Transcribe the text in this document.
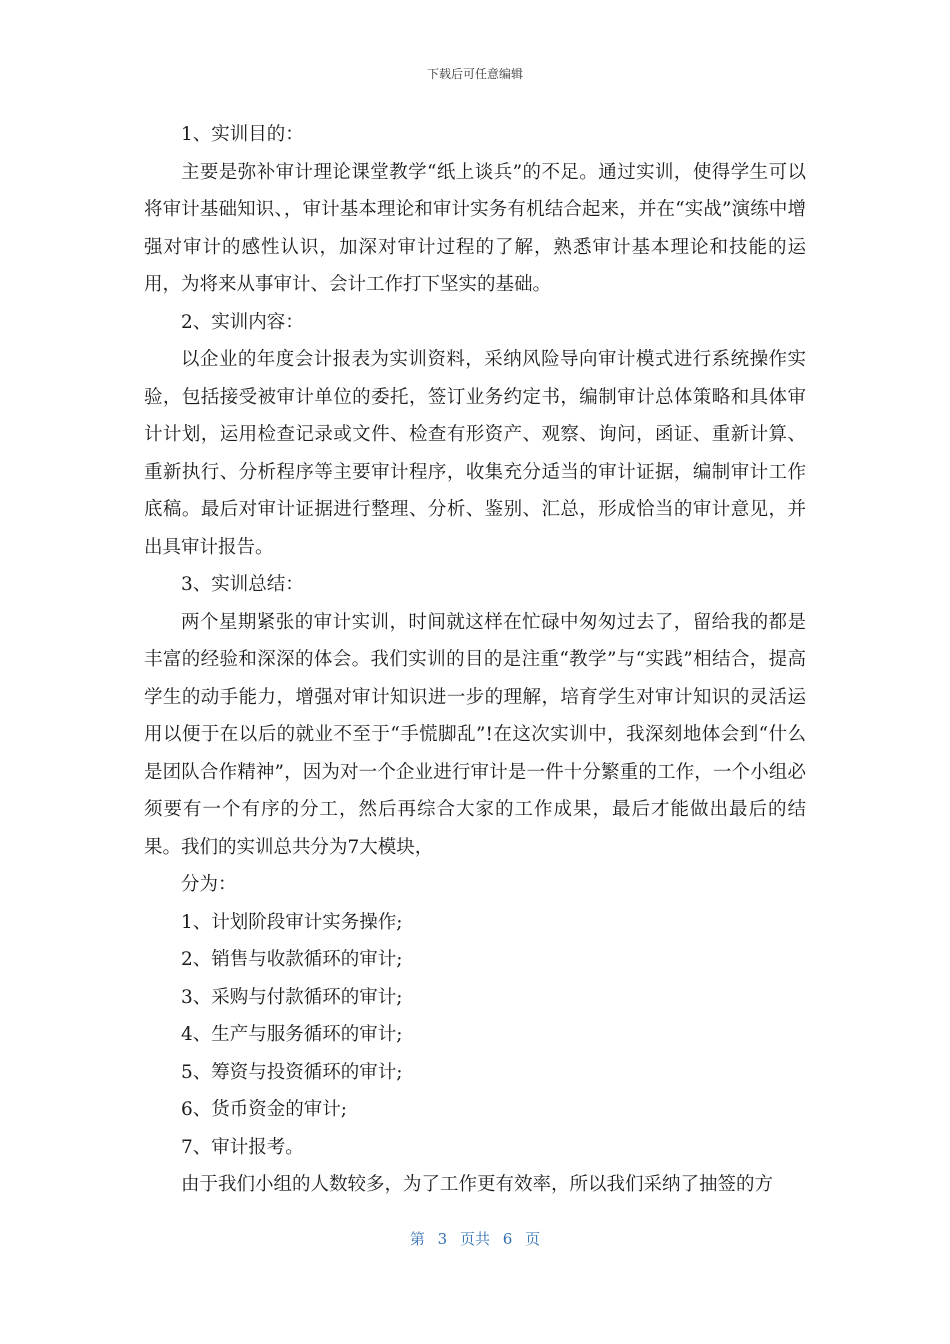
下载后可任意编辑

1、实训目的：

主要是弥补审计理论课堂教学“纸上谈兵”的不足。通过实训，使得学生可以将审计基础知识、，审计基本理论和审计实务有机结合起来，并在“实战”演练中增强对审计的感性认识，加深对审计过程的了解，熟悉审计基本理论和技能的运用，为将来从事审计、会计工作打下坚实的基础。

2、实训内容：

以企业的年度会计报表为实训资料，采纳风险导向审计模式进行系统操作实验，包括接受被审计单位的委托，签订业务约定书，编制审计总体策略和具体审计计划，运用检查记录或文件、检查有形资产、观察、询问，函证、重新计算、重新执行、分析程序等主要审计程序，收集充分适当的审计证据，编制审计工作底稿。最后对审计证据进行整理、分析、鉴别、汇总，形成恰当的审计意见，并出具审计报告。

3、实训总结：

两个星期紧张的审计实训，时间就这样在忙碌中匆匆过去了，留给我的都是丰富的经验和深深的体会。我们实训的目的是注重“教学”与“实践”相结合，提高学生的动手能力，增强对审计知识进一步的理解，培育学生对审计知识的灵活运用以便于在以后的就业不至于“手慌脚乱”!在这次实训中，我深刻地体会到“什么是团队合作精神”，因为对一个企业进行审计是一件十分繁重的工作，一个小组必须要有一个有序的分工，然后再综合大家的工作成果，最后才能做出最后的结果。我们的实训总共分为7大模块，

分为：

1、计划阶段审计实务操作;

2、销售与收款循环的审计;

3、采购与付款循环的审计;

4、生产与服务循环的审计;

5、筹资与投资循环的审计;

6、货币资金的审计;

7、审计报考。

由于我们小组的人数较多，为了工作更有效率，所以我们采纳了抽签的方

第 3 页共 6 页
